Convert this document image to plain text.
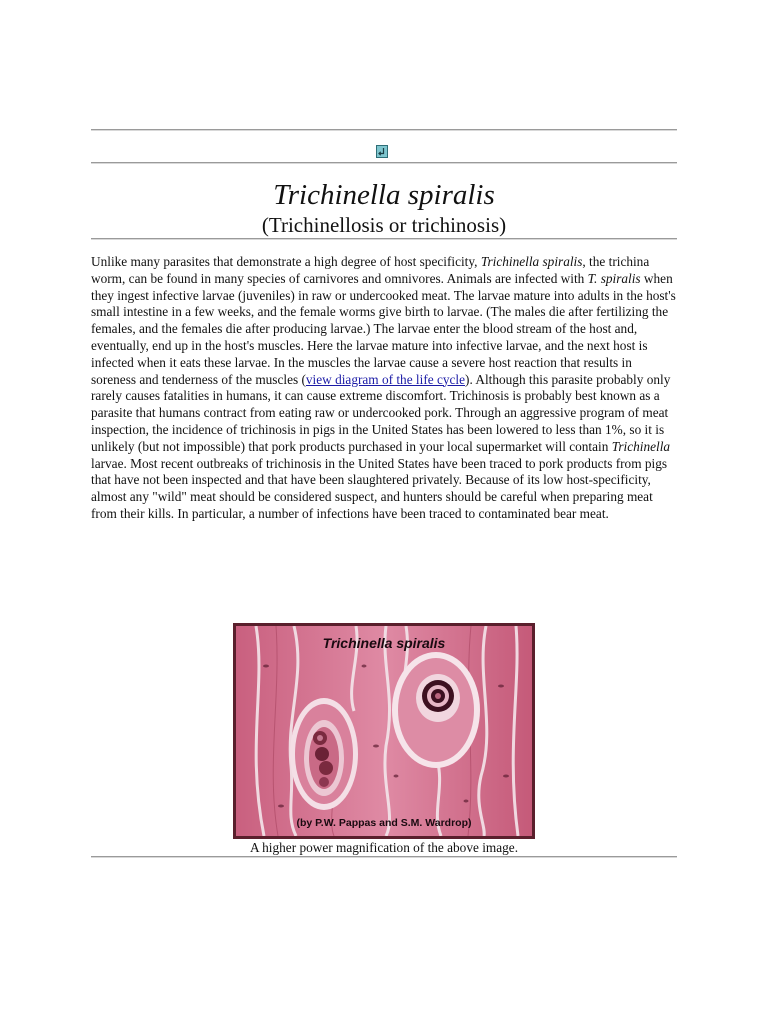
Trichinella spiralis
(Trichinellosis or trichinosis)
Unlike many parasites that demonstrate a high degree of host specificity, Trichinella spiralis, the trichina worm, can be found in many species of carnivores and omnivores. Animals are infected with T. spiralis when they ingest infective larvae (juveniles) in raw or undercooked meat. The larvae mature into adults in the host's small intestine in a few weeks, and the female worms give birth to larvae. (The males die after fertilizing the females, and the females die after producing larvae.) The larvae enter the blood stream of the host and, eventually, end up in the host's muscles. Here the larvae mature into infective larvae, and the next host is infected when it eats these larvae. In the muscles the larvae cause a severe host reaction that results in soreness and tenderness of the muscles (view diagram of the life cycle). Although this parasite probably only rarely causes fatalities in humans, it can cause extreme discomfort. Trichinosis is probably best known as a parasite that humans contract from eating raw or undercooked pork. Through an aggressive program of meat inspection, the incidence of trichinosis in pigs in the United States has been lowered to less than 1%, so it is unlikely (but not impossible) that pork products purchased in your local supermarket will contain Trichinella larvae. Most recent outbreaks of trichinosis in the United States have been traced to pork products from pigs that have not been inspected and that have been slaughtered privately. Because of its low host-specificity, almost any "wild" meat should be considered suspect, and hunters should be careful when preparing meat from their kills. In particular, a number of infections have been traced to contaminated bear meat.
Trichinella spiralis
(by P.W. Pappas and S.M. Wardrop)
A higher power magnification of the above image.
